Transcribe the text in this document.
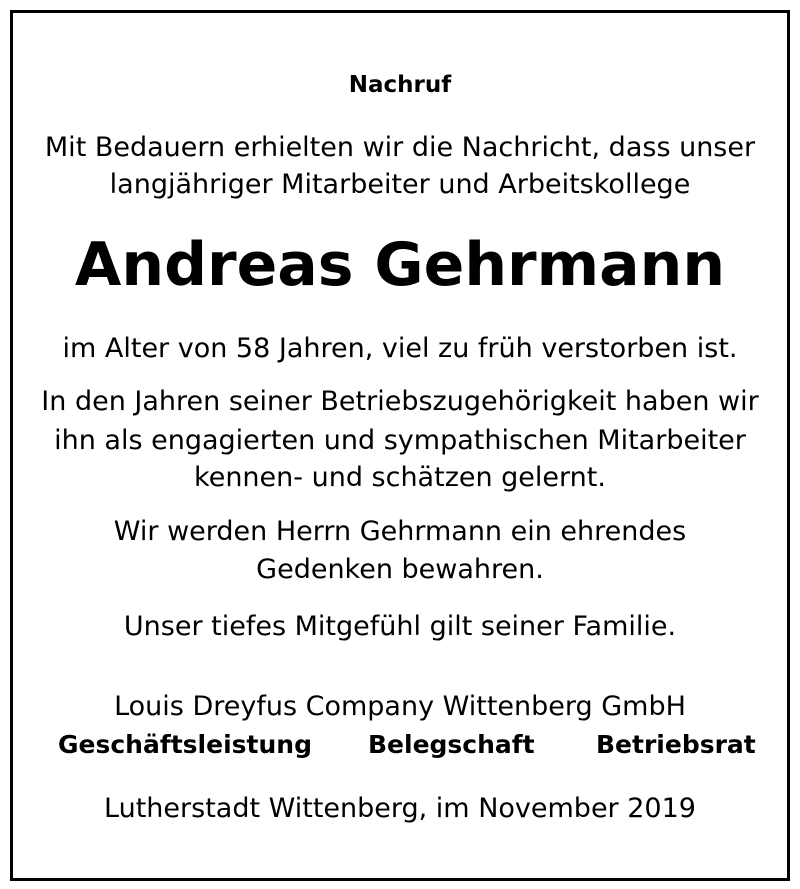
Nachruf
Mit Bedauern erhielten wir die Nachricht, dass unser
langjähriger Mitarbeiter und Arbeitskollege
Andreas Gehrmann
im Alter von 58 Jahren, viel zu früh verstorben ist.
In den Jahren seiner Betriebszugehörigkeit haben wir
ihn als engagierten und sympathischen Mitarbeiter
kennen- und schätzen gelernt.
Wir werden Herrn Gehrmann ein ehrendes
Gedenken bewahren.
Unser tiefes Mitgefühl gilt seiner Familie.
Louis Dreyfus Company Wittenberg GmbH
Geschäftsleistung Belegschaft Betriebsrat
Lutherstadt Wittenberg, im November 2019
